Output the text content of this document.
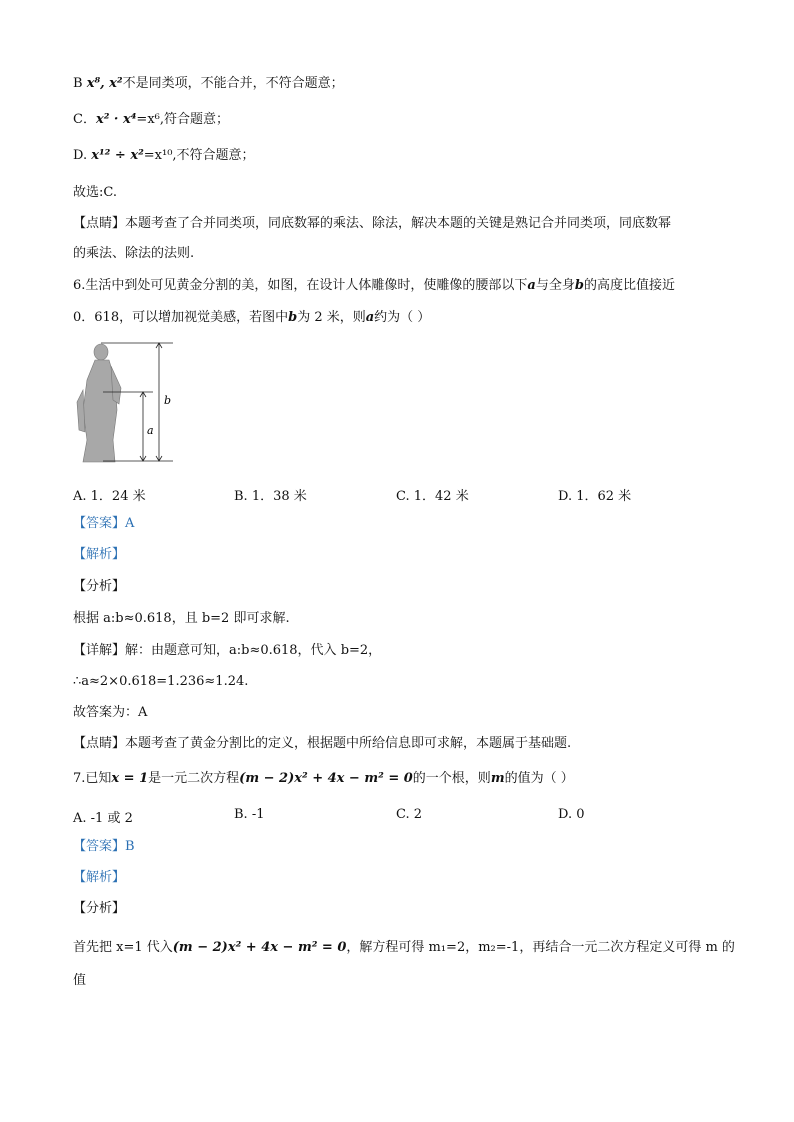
B x⁸, x²不是同类项，不能合并，不符合题意；
C．x² · x⁴=x⁶,符合题意；
D. x¹² ÷ x²=x¹⁰,不符合题意；
故选:C.
【点睛】本题考查了合并同类项，同底数幂的乘法、除法，解决本题的关键是熟记合并同类项，同底数幂
的乘法、除法的法则.
6.生活中到处可见黄金分割的美，如图，在设计人体雕像时，使雕像的腰部以下a与全身b的高度比值接近
0．618，可以增加视觉美感，若图中b为 2 米，则a约为（ ）
b
a
A. 1．24 米	B. 1．38 米	C. 1．42 米	D. 1．62 米
【答案】A
【解析】
【分析】
根据 a:b≈0.618，且 b=2 即可求解.
【详解】解：由题意可知，a:b≈0.618，代入 b=2，
∴a≈2×0.618=1.236≈1.24.
故答案为：A
【点睛】本题考查了黄金分割比的定义，根据题中所给信息即可求解，本题属于基础题.
7.已知x = 1是一元二次方程(m − 2)x² + 4x − m² = 0的一个根，则m的值为（ ）
A. -1 或 2	B. -1	C. 2	D. 0
【答案】B
【解析】
【分析】
首先把 x=1 代入(m − 2)x² + 4x − m² = 0，解方程可得 m₁=2，m₂=-1，再结合一元二次方程定义可得 m 的
值
